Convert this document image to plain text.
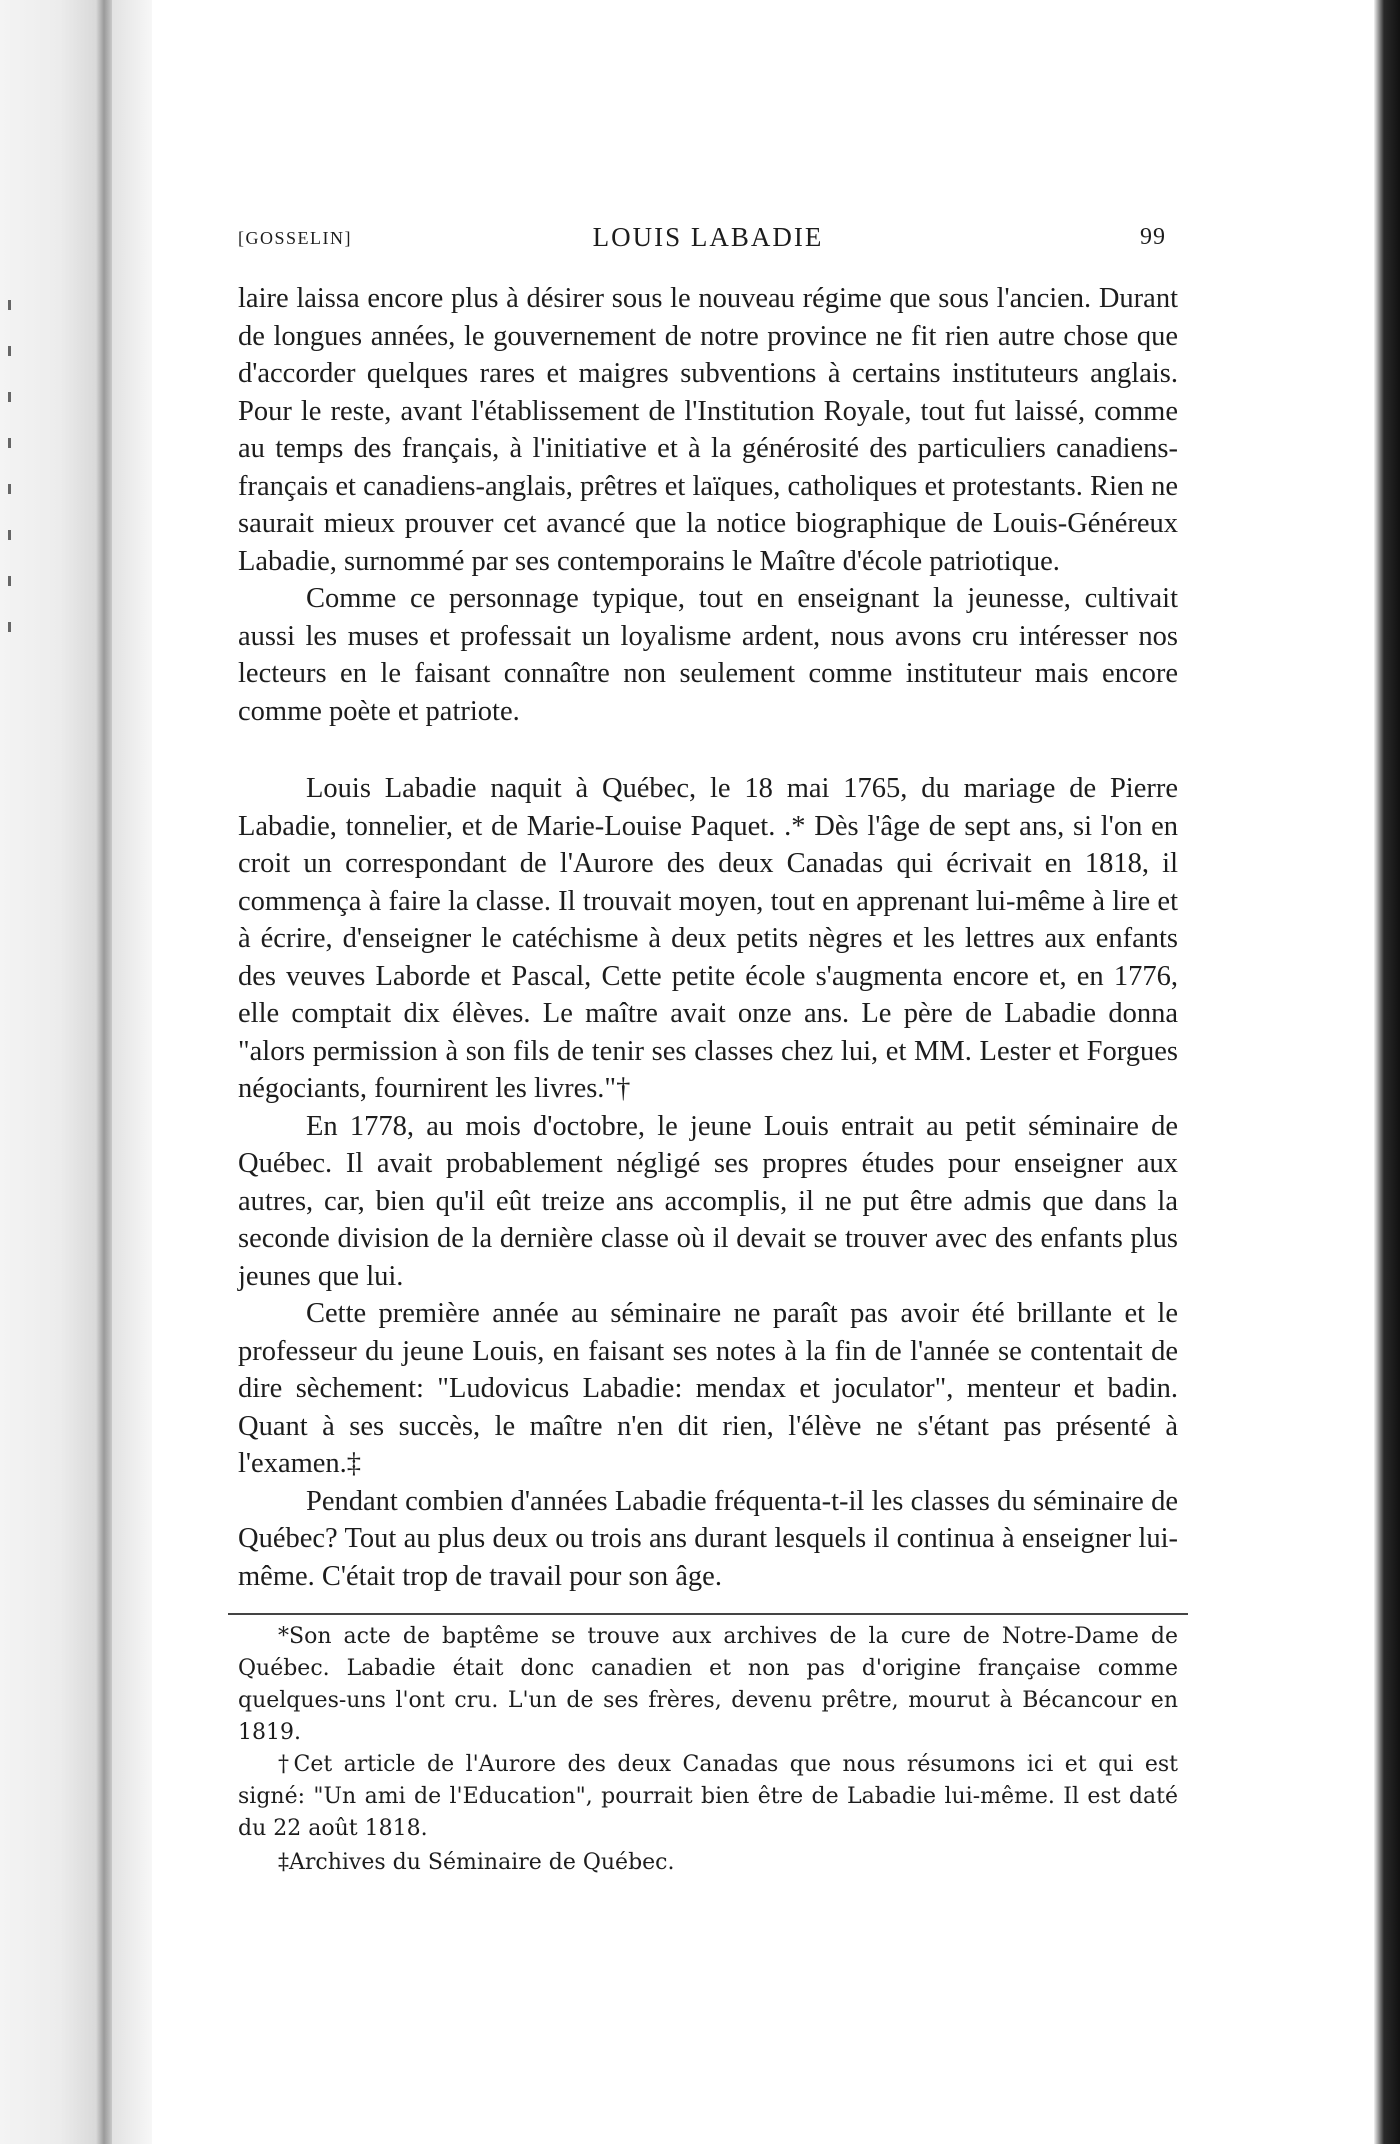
[GOSSELIN]	LOUIS LABADIE	99

laire laissa encore plus à désirer sous le nouveau régime que sous l'ancien. Durant de longues années, le gouvernement de notre province ne fit rien autre chose que d'accorder quelques rares et maigres subventions à certains instituteurs anglais. Pour le reste, avant l'établissement de l'Institution Royale, tout fut laissé, comme au temps des français, à l'initiative et à la générosité des particuliers canadiens-français et canadiens-anglais, prêtres et laïques, catholiques et protestants. Rien ne saurait mieux prouver cet avancé que la notice biographique de Louis-Généreux Labadie, surnommé par ses contemporains le Maître d'école patriotique.

Comme ce personnage typique, tout en enseignant la jeunesse, cultivait aussi les muses et professait un loyalisme ardent, nous avons cru intéresser nos lecteurs en le faisant connaître non seulement comme instituteur mais encore comme poète et patriote.

Louis Labadie naquit à Québec, le 18 mai 1765, du mariage de Pierre Labadie, tonnelier, et de Marie-Louise Paquet. .* Dès l'âge de sept ans, si l'on en croit un correspondant de l'Aurore des deux Canadas qui écrivait en 1818, il commença à faire la classe. Il trouvait moyen, tout en apprenant lui-même à lire et à écrire, d'enseigner le catéchisme à deux petits nègres et les lettres aux enfants des veuves Laborde et Pascal, Cette petite école s'augmenta encore et, en 1776, elle comptait dix élèves. Le maître avait onze ans. Le père de Labadie donna "alors permission à son fils de tenir ses classes chez lui, et MM. Lester et Forgues négociants, fournirent les livres."†

En 1778, au mois d'octobre, le jeune Louis entrait au petit séminaire de Québec. Il avait probablement négligé ses propres études pour enseigner aux autres, car, bien qu'il eût treize ans accomplis, il ne put être admis que dans la seconde division de la dernière classe où il devait se trouver avec des enfants plus jeunes que lui.

Cette première année au séminaire ne paraît pas avoir été brillante et le professeur du jeune Louis, en faisant ses notes à la fin de l'année se contentait de dire sèchement: "Ludovicus Labadie: mendax et joculator", menteur et badin. Quant à ses succès, le maître n'en dit rien, l'élève ne s'étant pas présenté à l'examen.‡

Pendant combien d'années Labadie fréquenta-t-il les classes du séminaire de Québec? Tout au plus deux ou trois ans durant lesquels il continua à enseigner lui-même. C'était trop de travail pour son âge.

*Son acte de baptême se trouve aux archives de la cure de Notre-Dame de Québec. Labadie était donc canadien et non pas d'origine française comme quelques-uns l'ont cru. L'un de ses frères, devenu prêtre, mourut à Bécancour en 1819.

†Cet article de l'Aurore des deux Canadas que nous résumons ici et qui est signé: "Un ami de l'Education", pourrait bien être de Labadie lui-même. Il est daté du 22 août 1818.

‡Archives du Séminaire de Québec.
